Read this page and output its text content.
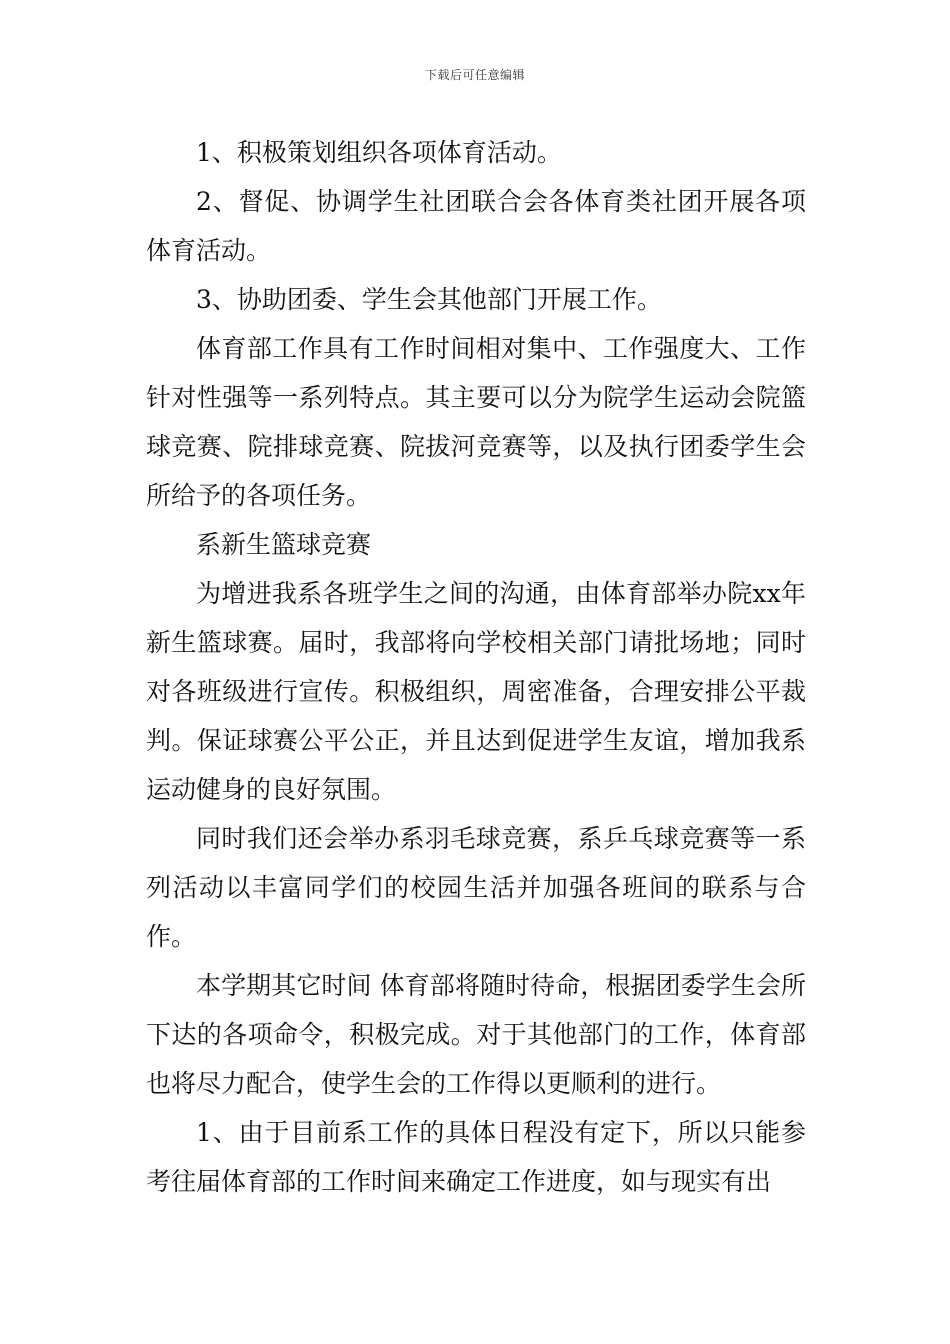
下载后可任意编辑

1、积极策划组织各项体育活动。

2、督促、协调学生社团联合会各体育类社团开展各项体育活动。

3、协助团委、学生会其他部门开展工作。

体育部工作具有工作时间相对集中、工作强度大、工作针对性强等一系列特点。其主要可以分为院学生运动会院篮球竞赛、院排球竞赛、院拔河竞赛等，以及执行团委学生会所给予的各项任务。

系新生篮球竞赛

为增进我系各班学生之间的沟通，由体育部举办院xx年新生篮球赛。届时，我部将向学校相关部门请批场地；同时对各班级进行宣传。积极组织，周密准备，合理安排公平裁判。保证球赛公平公正，并且达到促进学生友谊，增加我系运动健身的良好氛围。

同时我们还会举办系羽毛球竞赛，系乒乓球竞赛等一系列活动以丰富同学们的校园生活并加强各班间的联系与合作。

本学期其它时间 体育部将随时待命，根据团委学生会所下达的各项命令，积极完成。对于其他部门的工作，体育部也将尽力配合，使学生会的工作得以更顺利的进行。

1、由于目前系工作的具体日程没有定下，所以只能参考往届体育部的工作时间来确定工作进度，如与现实有出
